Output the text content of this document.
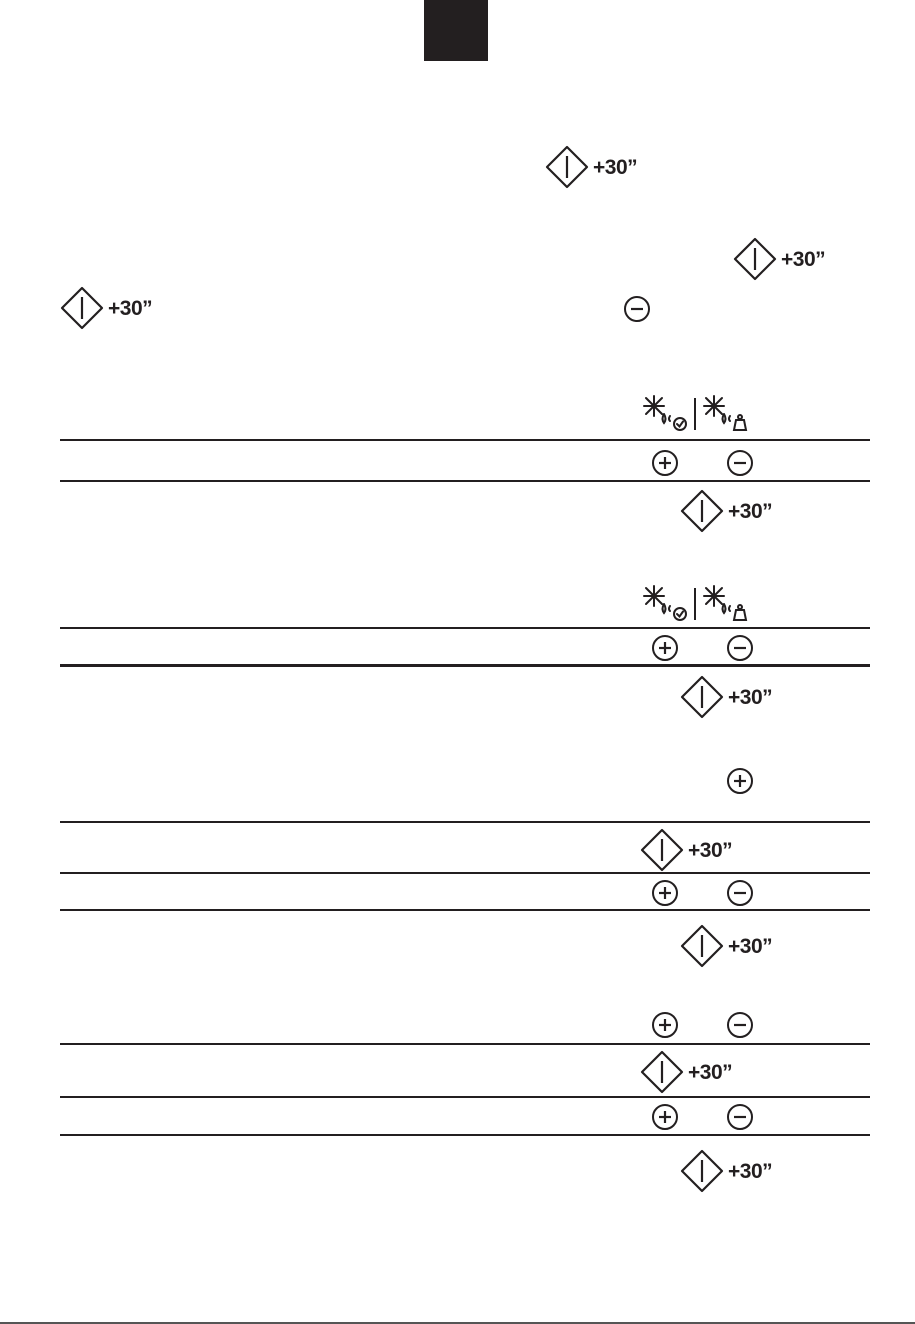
+30”
+30”
+30”
+30”
+30”
+30”
+30”
+30”
+30”
